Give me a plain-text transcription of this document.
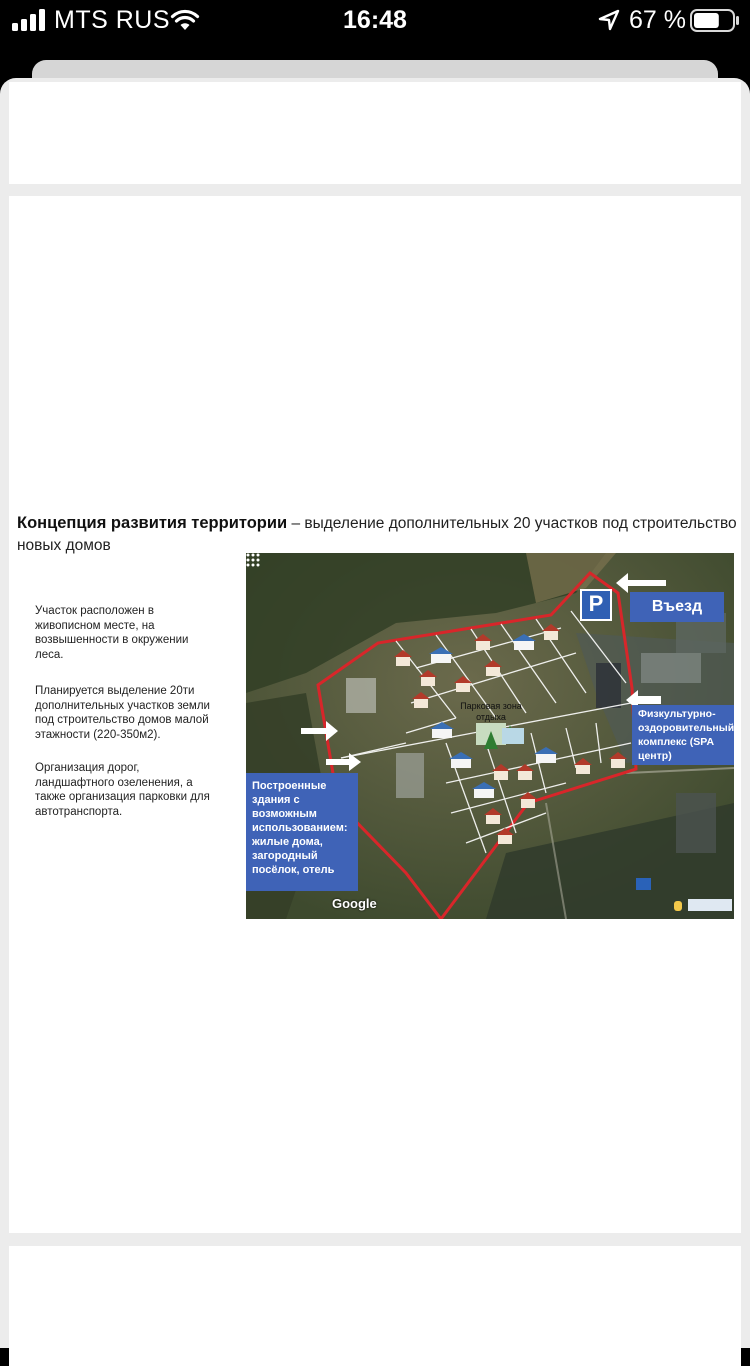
MTS RUS	16:48	67 %
Концепция развития территории – выделение дополнительных 20 участков под строительство новых домов
Участок расположен в живописном месте, на возвышенности в окружении леса.
Планируется выделение 20ти дополнительных участков земли под строительство домов малой этажности (220-350м2).
Организация дорог, ландшафтного озеленения, а также организация парковки для автотранспорта.
P	Въезд
Физкультурно-оздоровительный комплекс (SPA центр)
Построенные здания с возможным использованием: жилые дома, загородный посёлок, отель
Парковая зона отдыха
Google
